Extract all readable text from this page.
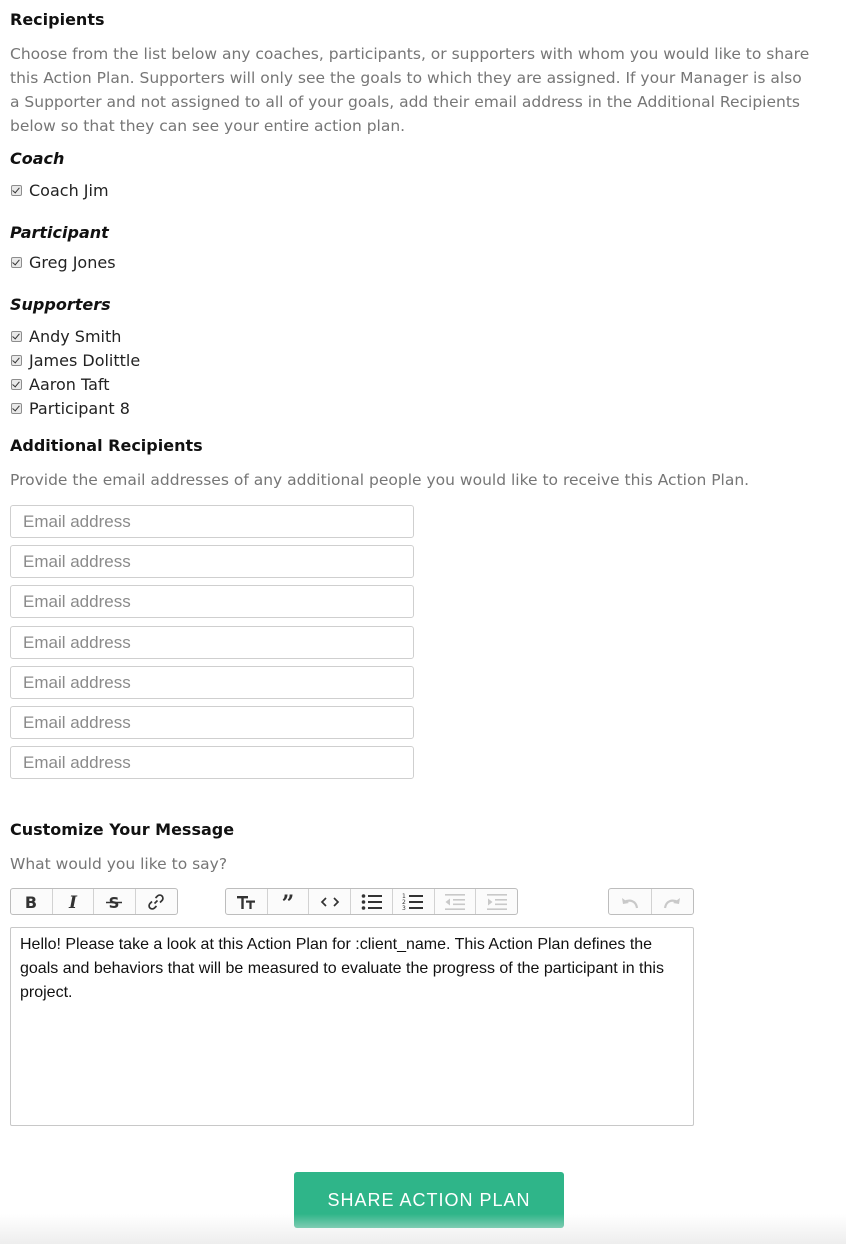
Recipients

Choose from the list below any coaches, participants, or supporters with whom you would like to share this Action Plan. Supporters will only see the goals to which they are assigned. If your Manager is also a Supporter and not assigned to all of your goals, add their email address in the Additional Recipients below so that they can see your entire action plan.

Coach
Coach Jim
Participant
Greg Jones
Supporters
Andy Smith
James Dolittle
Aaron Taft
Participant 8
Additional Recipients

Provide the email addresses of any additional people you would like to receive this Action Plan.

Email address
Email address
Email address
Email address
Email address
Email address
Email address
Customize Your Message

What would you like to say?

B I S	”	1
2
3
Hello! Please take a look at this Action Plan for :client_name. This Action Plan defines the goals and behaviors that will be measured to evaluate the progress of the participant in this project.
SHARE ACTION PLAN
